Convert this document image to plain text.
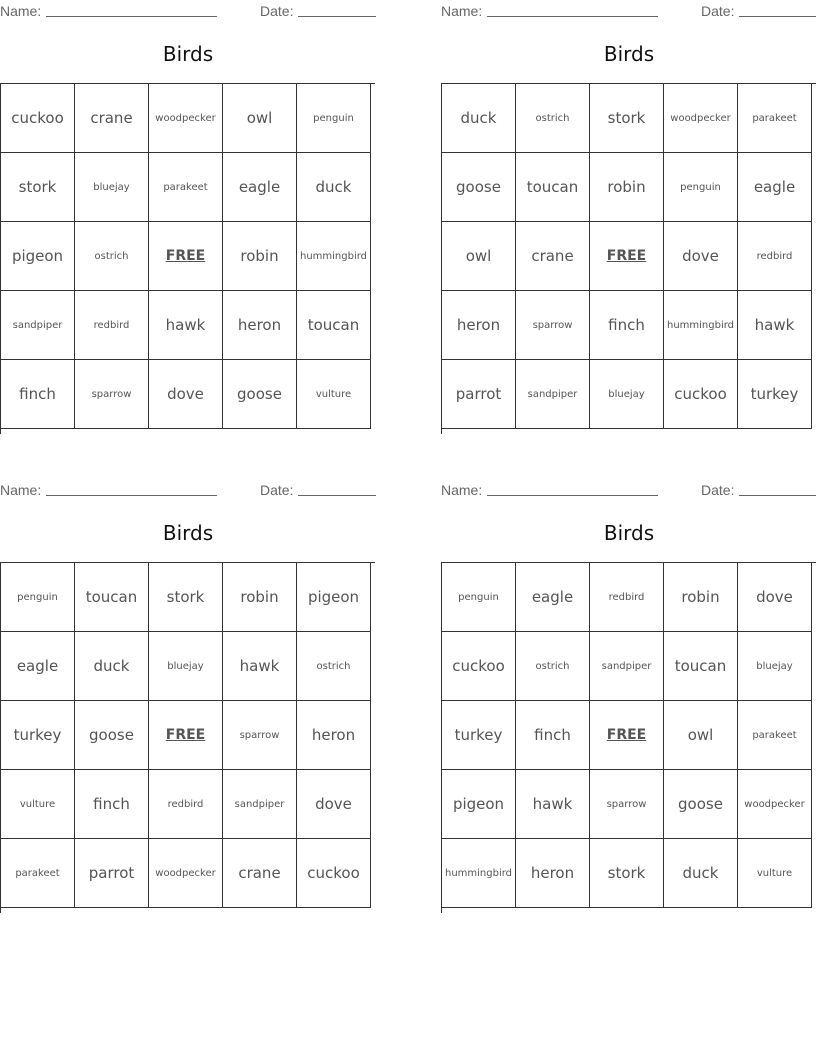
Name:	Date:
Birds
cuckoo	crane	woodpecker	owl	penguin
stork	bluejay	parakeet	eagle	duck
pigeon	ostrich	FREE	robin	hummingbird
sandpiper	redbird	hawk	heron	toucan
finch	sparrow	dove	goose	vulture
Name:	Date:
Birds
duck	ostrich	stork	woodpecker	parakeet
goose	toucan	robin	penguin	eagle
owl	crane	FREE	dove	redbird
heron	sparrow	finch	hummingbird	hawk
parrot	sandpiper	bluejay	cuckoo	turkey
Name:	Date:
Birds
penguin	toucan	stork	robin	pigeon
eagle	duck	bluejay	hawk	ostrich
turkey	goose	FREE	sparrow	heron
vulture	finch	redbird	sandpiper	dove
parakeet	parrot	woodpecker	crane	cuckoo
Name:	Date:
Birds
penguin	eagle	redbird	robin	dove
cuckoo	ostrich	sandpiper	toucan	bluejay
turkey	finch	FREE	owl	parakeet
pigeon	hawk	sparrow	goose	woodpecker
hummingbird	heron	stork	duck	vulture
